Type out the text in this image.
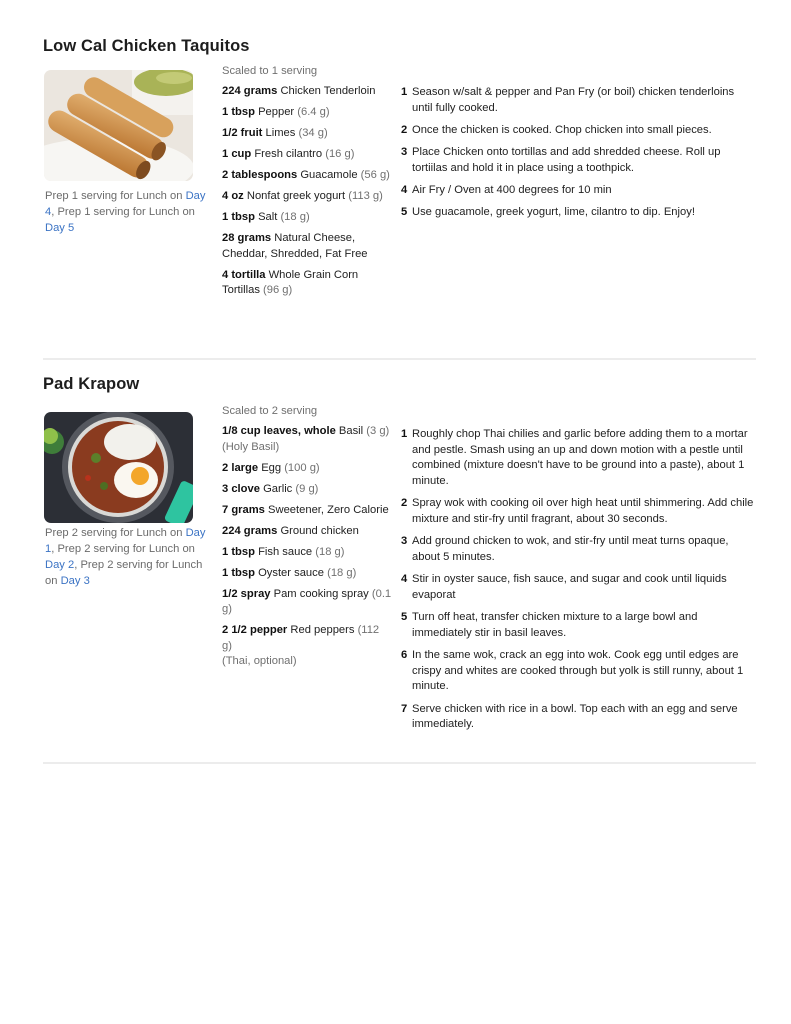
Low Cal Chicken Taquitos
Prep 1 serving for Lunch on Day 4, Prep 1 serving for Lunch on Day 5
Scaled to 1 serving
224 grams Chicken Tenderloin
1 tbsp Pepper (6.4 g)
1/2 fruit Limes (34 g)
1 cup Fresh cilantro (16 g)
2 tablespoons Guacamole (56 g)
4 oz Nonfat greek yogurt (113 g)
1 tbsp Salt (18 g)
28 grams Natural Cheese, Cheddar, Shredded, Fat Free
4 tortilla Whole Grain Corn Tortillas (96 g)
1 Season w/salt & pepper and Pan Fry (or boil) chicken tenderloins until fully cooked.
2 Once the chicken is cooked. Chop chicken into small pieces.
3 Place Chicken onto tortillas and add shredded cheese. Roll up tortiilas and hold it in place using a toothpick.
4 Air Fry / Oven at 400 degrees for 10 min
5 Use guacamole, greek yogurt, lime, cilantro to dip. Enjoy!
Pad Krapow
Prep 2 serving for Lunch on Day 1, Prep 2 serving for Lunch on Day 2, Prep 2 serving for Lunch on Day 3
Scaled to 2 serving
1/8 cup leaves, whole Basil (3 g)
(Holy Basil)
2 large Egg (100 g)
3 clove Garlic (9 g)
7 grams Sweetener, Zero Calorie
224 grams Ground chicken
1 tbsp Fish sauce (18 g)
1 tbsp Oyster sauce (18 g)
1/2 spray Pam cooking spray (0.1 g)
2 1/2 pepper Red peppers (112 g)
(Thai, optional)
1 Roughly chop Thai chilies and garlic before adding them to a mortar and pestle. Smash using an up and down motion with a pestle until combined (mixture doesn't have to be ground into a paste), about 1 minute.
2 Spray wok with cooking oil over high heat until shimmering. Add chile mixture and stir-fry until fragrant, about 30 seconds.
3 Add ground chicken to wok, and stir-fry until meat turns opaque, about 5 minutes.
4 Stir in oyster sauce, fish sauce, and sugar and cook until liquids evaporat
5 Turn off heat, transfer chicken mixture to a large bowl and immediately stir in basil leaves.
6 In the same wok, crack an egg into wok. Cook egg until edges are crispy and whites are cooked through but yolk is still runny, about 1 minute.
7 Serve chicken with rice in a bowl. Top each with an egg and serve immediately.
